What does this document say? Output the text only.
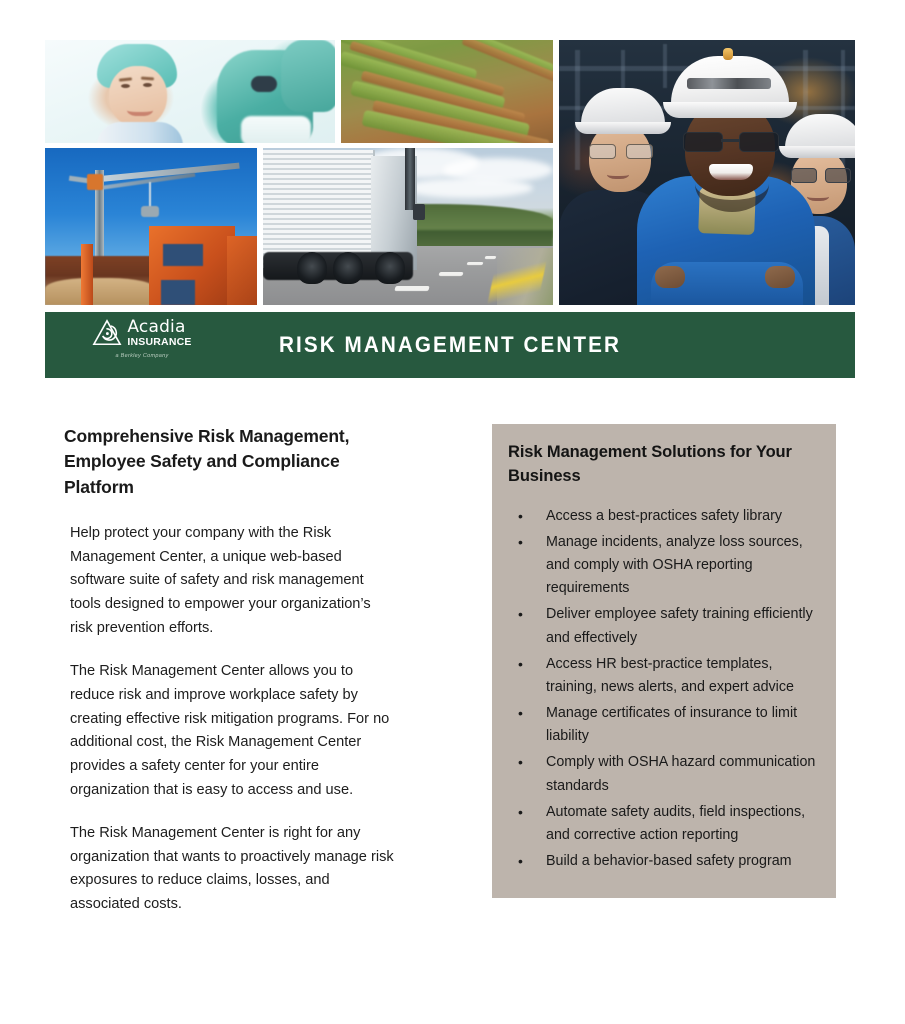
Acadia
INSURANCE
a Berkley Company	RISK MANAGEMENT CENTER
Comprehensive Risk Management, Employee Safety and Compliance Platform

Help protect your company with the Risk Management Center, a unique web-based software suite of safety and risk management tools designed to empower your organization’s risk prevention efforts.

The Risk Management Center allows you to reduce risk and improve workplace safety by creating effective risk mitigation programs. For no additional cost, the Risk Management Center provides a safety center for your entire organization that is easy to access and use.

The Risk Management Center is right for any organization that wants to proactively manage risk exposures to reduce claims, losses, and associated costs.

Risk Management Solutions for Your Business
• Access a best-practices safety library
• Manage incidents, analyze loss sources, and comply with OSHA reporting requirements
• Deliver employee safety training efficiently and effectively
• Access HR best-practice templates, training, news alerts, and expert advice
• Manage certificates of insurance to limit liability
• Comply with OSHA hazard communication standards
• Automate safety audits, field inspections, and corrective action reporting
• Build a behavior-based safety program
